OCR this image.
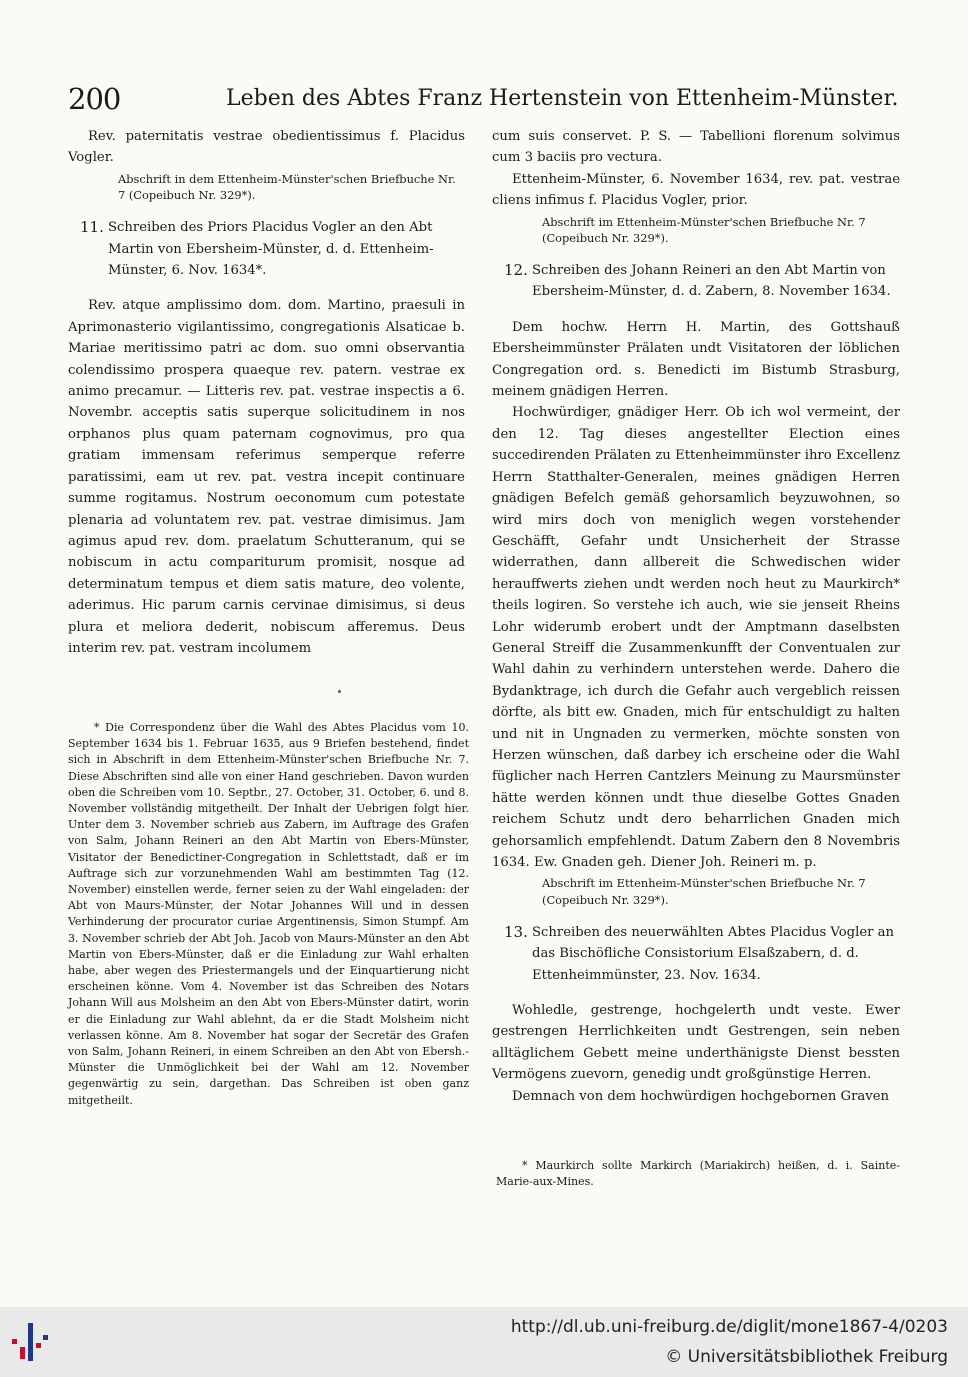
200	Leben des Abtes Franz Hertenstein von Ettenheim-Münster.

Rev. paternitatis vestrae obedientissimus f. Placidus Vogler.

Abschrift in dem Ettenheim-Münster'schen Briefbuche Nr. 7 (Copeibuch Nr. 329*).

11. Schreiben des Priors Placidus Vogler an den Abt Martin von Ebersheim-Münster, d. d. Ettenheim-Münster, 6. Nov. 1634*.

Rev. atque amplissimo dom. dom. Martino, praesuli in Aprimonasterio vigilantissimo, congregationis Alsaticae b. Mariae meritissimo patri ac dom. suo omni observantia colendissimo prospera quaeque rev. patern. vestrae ex animo precamur. — Litteris rev. pat. vestrae inspectis a 6. Novembr. acceptis satis superque solicitudinem in nos orphanos plus quam paternam cognovimus, pro qua gratiam immensam referimus semperque referre paratissimi, eam ut rev. pat. vestra incepit continuare summe rogitamus. Nostrum oeconomum cum potestate plenaria ad voluntatem rev. pat. vestrae dimisimus. Jam agimus apud rev. dom. praelatum Schutteranum, qui se nobiscum in actu compariturum promisit, nosque ad determinatum tempus et diem satis mature, deo volente, aderimus. Hic parum carnis cervinae dimisimus, si deus plura et meliora dederit, nobiscum afferemus. Deus interim rev. pat. vestram incolumem

* Die Correspondenz über die Wahl des Abtes Placidus vom 10. September 1634 bis 1. Februar 1635, aus 9 Briefen bestehend, findet sich in Abschrift in dem Ettenheim-Münster'schen Briefbuche Nr. 7. Diese Abschriften sind alle von einer Hand geschrieben. Davon wurden oben die Schreiben vom 10. Septbr., 27. October, 31. October, 6. und 8. November vollständig mitgetheilt. Der Inhalt der Uebrigen folgt hier. Unter dem 3. November schrieb aus Zabern, im Auftrage des Grafen von Salm, Johann Reineri an den Abt Martin von Ebers-Münster, Visitator der Benedictiner-Congregation in Schlettstadt, daß er im Auftrage sich zur vorzunehmenden Wahl am bestimmten Tag (12. November) einstellen werde, ferner seien zu der Wahl eingeladen: der Abt von Maurs-Münster, der Notar Johannes Will und in dessen Verhinderung der procurator curiae Argentinensis, Simon Stumpf. Am 3. November schrieb der Abt Joh. Jacob von Maurs-Münster an den Abt Martin von Ebers-Münster, daß er die Einladung zur Wahl erhalten habe, aber wegen des Priestermangels und der Einquartierung nicht erscheinen könne. Vom 4. November ist das Schreiben des Notars Johann Will aus Molsheim an den Abt von Ebers-Münster datirt, worin er die Einladung zur Wahl ablehnt, da er die Stadt Molsheim nicht verlassen könne. Am 8. November hat sogar der Secretär des Grafen von Salm, Johann Reineri, in einem Schreiben an den Abt von Ebersh.-Münster die Unmöglichkeit bei der Wahl am 12. November gegenwärtig zu sein, dargethan. Das Schreiben ist oben ganz mitgetheilt.

cum suis conservet. P. S. — Tabellioni florenum solvimus cum 3 baciis pro vectura.

Ettenheim-Münster, 6. November 1634, rev. pat. vestrae cliens infimus f. Placidus Vogler, prior.

Abschrift im Ettenheim-Münster'schen Briefbuche Nr. 7 (Copeibuch Nr. 329*).

12. Schreiben des Johann Reineri an den Abt Martin von Ebersheim-Münster, d. d. Zabern, 8. November 1634.

Dem hochw. Herrn H. Martin, des Gottshauß Ebersheimmünster Prälaten undt Visitatoren der löblichen Congregation ord. s. Benedicti im Bistumb Strasburg, meinem gnädigen Herren.

Hochwürdiger, gnädiger Herr. Ob ich wol vermeint, der den 12. Tag dieses angestellter Election eines succedirenden Prälaten zu Ettenheimmünster ihro Excellenz Herrn Statthalter-Generalen, meines gnädigen Herren gnädigen Befelch gemäß gehorsamlich beyzuwohnen, so wird mirs doch von meniglich wegen vorstehender Geschäfft, Gefahr undt Unsicherheit der Strasse widerrathen, dann allbereit die Schwedischen wider herauffwerts ziehen undt werden noch heut zu Maurkirch* theils logiren. So verstehe ich auch, wie sie jenseit Rheins Lohr widerumb erobert undt der Amptmann daselbsten General Streiff die Zusammenkunfft der Conventualen zur Wahl dahin zu verhindern unterstehen werde. Dahero die Bydanktrage, ich durch die Gefahr auch vergeblich reissen dörfte, als bitt ew. Gnaden, mich für entschuldigt zu halten und nit in Ungnaden zu vermerken, möchte sonsten von Herzen wünschen, daß darbey ich erscheine oder die Wahl füglicher nach Herren Cantzlers Meinung zu Maursmünster hätte werden können undt thue dieselbe Gottes Gnaden reichem Schutz undt dero beharrlichen Gnaden mich gehorsamlich empfehlendt. Datum Zabern den 8 Novembris 1634. Ew. Gnaden geh. Diener Joh. Reineri m. p.

Abschrift im Ettenheim-Münster'schen Briefbuche Nr. 7 (Copeibuch Nr. 329*).

13. Schreiben des neuerwählten Abtes Placidus Vogler an das Bischöfliche Consistorium Elsaßzabern, d. d. Ettenheimmünster, 23. Nov. 1634.

Wohledle, gestrenge, hochgelerth undt veste. Ewer gestrengen Herrlichkeiten undt Gestrengen, sein neben alltäglichem Gebett meine underthänigste Dienst bessten Vermögens zuevorn, genedig undt großgünstige Herren.

Demnach von dem hochwürdigen hochgebornen Graven

* Maurkirch sollte Markirch (Mariakirch) heißen, d. i. Sainte-Marie-aux-Mines.

http://dl.ub.uni-freiburg.de/diglit/mone1867-4/0203
© Universitätsbibliothek Freiburg
